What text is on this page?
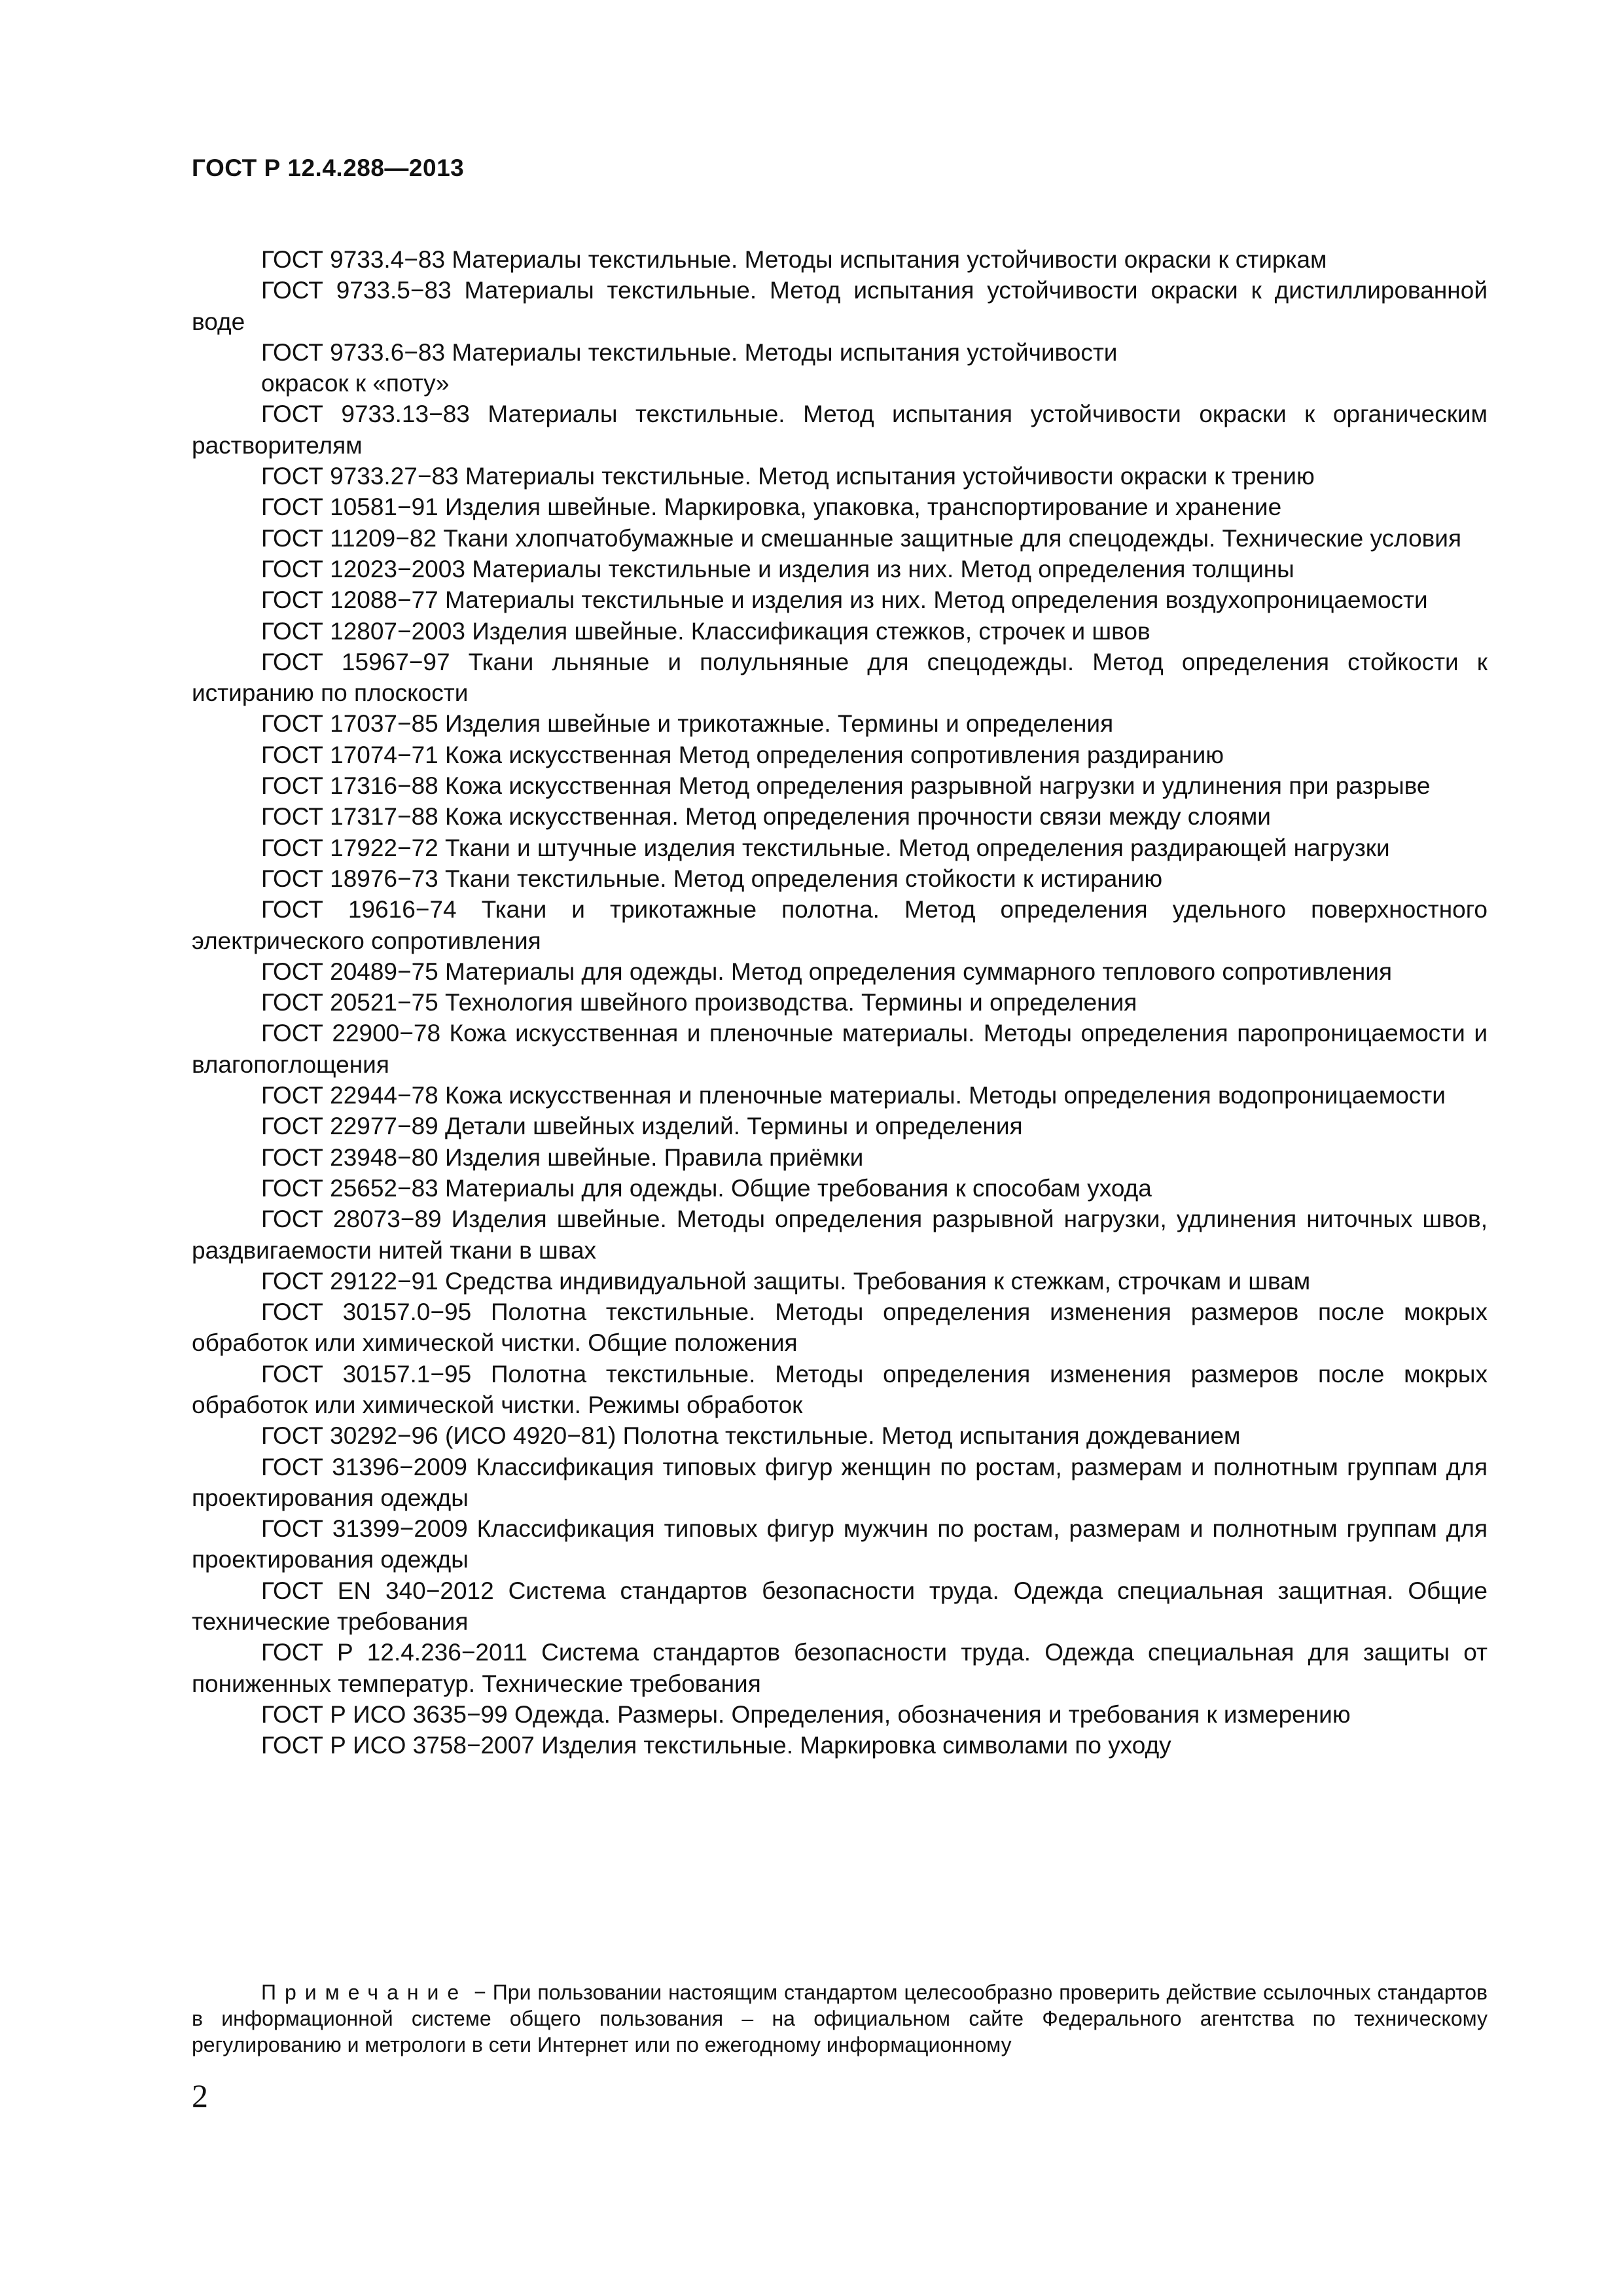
ГОСТ Р 12.4.288—2013

ГОСТ 9733.4−83 Материалы текстильные. Методы испытания устойчивости окраски к стиркам

ГОСТ 9733.5−83 Материалы текстильные. Метод испытания устойчивости окраски к дистиллированной воде

ГОСТ 9733.6−83 Материалы текстильные. Методы испытания устойчивости

окрасок к «поту»

ГОСТ 9733.13−83 Материалы текстильные. Метод испытания устойчивости окраски к органическим растворителям

ГОСТ 9733.27−83 Материалы текстильные. Метод испытания устойчивости окраски к трению

ГОСТ 10581−91 Изделия швейные. Маркировка, упаковка, транспортирование и хранение

ГОСТ 11209−82 Ткани хлопчатобумажные и смешанные защитные для спецодежды. Технические условия

ГОСТ 12023−2003 Материалы текстильные и изделия из них. Метод определения толщины

ГОСТ 12088−77 Материалы текстильные и изделия из них. Метод определения воздухопроницаемости

ГОСТ 12807−2003 Изделия швейные. Классификация стежков, строчек и швов

ГОСТ 15967−97 Ткани льняные и полульняные для спецодежды. Метод определения стойкости к истиранию по плоскости

ГОСТ 17037−85 Изделия швейные и трикотажные. Термины и определения

ГОСТ 17074−71 Кожа искусственная Метод определения сопротивления раздиранию

ГОСТ 17316−88 Кожа искусственная Метод определения разрывной нагрузки и удлинения при разрыве

ГОСТ 17317−88 Кожа искусственная. Метод определения прочности связи между слоями

ГОСТ 17922−72 Ткани и штучные изделия текстильные. Метод определения раздирающей нагрузки

ГОСТ 18976−73 Ткани текстильные. Метод определения стойкости к истиранию

ГОСТ 19616−74 Ткани и трикотажные полотна. Метод определения удельного поверхностного электрического сопротивления

ГОСТ 20489−75 Материалы для одежды. Метод определения суммарного теплового сопротивления

ГОСТ 20521−75 Технология швейного производства. Термины и определения

ГОСТ 22900−78 Кожа искусственная и пленочные материалы. Методы определения паропроницаемости и влагопоглощения

ГОСТ 22944−78 Кожа искусственная и пленочные материалы. Методы определения водопроницаемости

ГОСТ 22977−89 Детали швейных изделий. Термины и определения

ГОСТ 23948−80 Изделия швейные. Правила приёмки

ГОСТ 25652−83 Материалы для одежды. Общие требования к способам ухода

ГОСТ 28073−89 Изделия швейные. Методы определения разрывной нагрузки, удлинения ниточных швов, раздвигаемости нитей ткани в швах

ГОСТ 29122−91 Средства индивидуальной защиты. Требования к стежкам, строчкам и швам

ГОСТ 30157.0−95 Полотна текстильные. Методы определения изменения размеров после мокрых обработок или химической чистки. Общие положения

ГОСТ 30157.1−95 Полотна текстильные. Методы определения изменения размеров после мокрых обработок или химической чистки. Режимы обработок

ГОСТ 30292−96 (ИСО 4920−81) Полотна текстильные. Метод испытания дождеванием

ГОСТ 31396−2009 Классификация типовых фигур женщин по ростам, размерам и полнотным группам для проектирования одежды

ГОСТ 31399−2009 Классификация типовых фигур мужчин по ростам, размерам и полнотным группам для проектирования одежды

ГОСТ EN 340−2012 Система стандартов безопасности труда. Одежда специальная защитная. Общие технические требования

ГОСТ Р 12.4.236−2011 Система стандартов безопасности труда. Одежда специальная для защиты от пониженных температур. Технические требования

ГОСТ Р ИСО 3635−99 Одежда. Размеры. Определения, обозначения и требования к измерению

ГОСТ Р ИСО 3758−2007 Изделия текстильные. Маркировка символами по уходу

Примечание − При пользовании настоящим стандартом целесообразно проверить действие ссылочных стандартов в информационной системе общего пользования – на официальном сайте Федерального агентства по техническому регулированию и метрологи в сети Интернет или по ежегодному информационному
2
